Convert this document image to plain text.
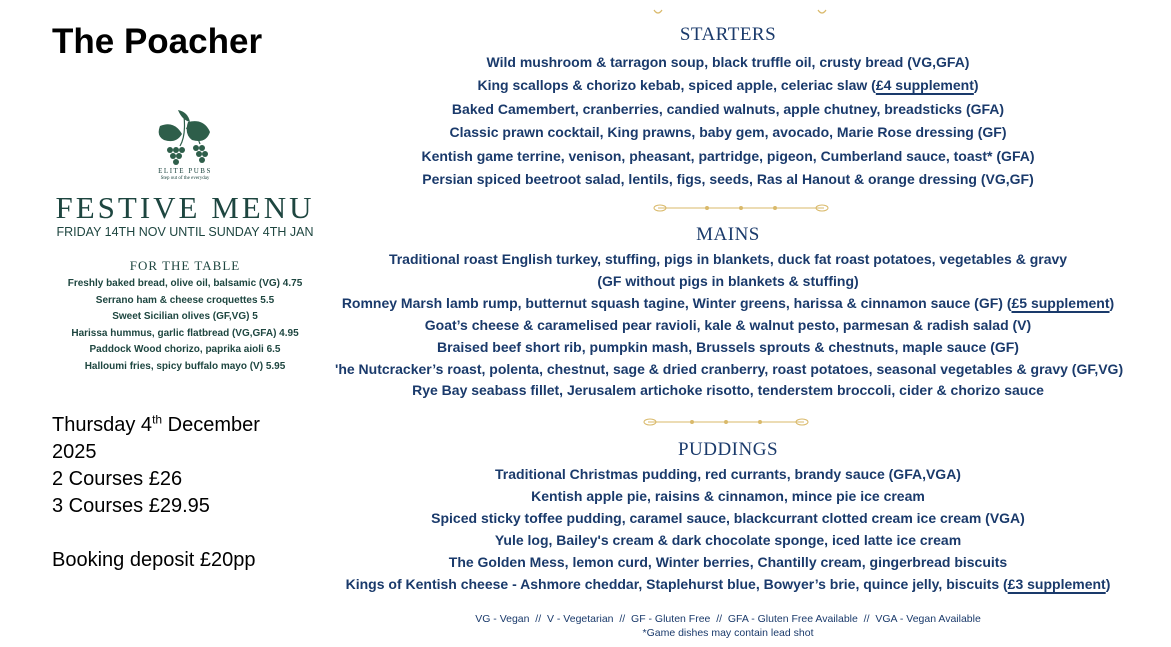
The Poacher
ELITE PUBS
Step out of the everyday
FESTIVE MENU
FRIDAY 14TH NOV UNTIL SUNDAY 4TH JAN
FOR THE TABLE
Freshly baked bread, olive oil, balsamic (VG) 4.75
Serrano ham & cheese croquettes 5.5
Sweet Sicilian olives (GF,VG) 5
Harissa hummus, garlic flatbread (VG,GFA) 4.95
Paddock Wood chorizo, paprika aioli 6.5
Halloumi fries, spicy buffalo mayo (V) 5.95
Thursday 4th December
2025
2 Courses £26
3 Courses £29.95
Booking deposit £20pp
STARTERS
Wild mushroom & tarragon soup, black truffle oil, crusty bread (VG,GFA)
King scallops & chorizo kebab, spiced apple, celeriac slaw (£4 supplement)
Baked Camembert, cranberries, candied walnuts, apple chutney, breadsticks (GFA)
Classic prawn cocktail, King prawns, baby gem, avocado, Marie Rose dressing (GF)
Kentish game terrine, venison, pheasant, partridge, pigeon, Cumberland sauce, toast* (GFA)
Persian spiced beetroot salad, lentils, figs, seeds, Ras al Hanout & orange dressing (VG,GF)
MAINS
Traditional roast English turkey, stuffing, pigs in blankets, duck fat roast potatoes, vegetables & gravy
(GF without pigs in blankets & stuffing)
Romney Marsh lamb rump, butternut squash tagine, Winter greens, harissa & cinnamon sauce (GF) (£5 supplement)
Goat’s cheese & caramelised pear ravioli, kale & walnut pesto, parmesan & radish salad (V)
Braised beef short rib, pumpkin mash, Brussels sprouts & chestnuts, maple sauce (GF)
'he Nutcracker’s roast, polenta, chestnut, sage & dried cranberry, roast potatoes, seasonal vegetables & gravy (GF,VG)
Rye Bay seabass fillet, Jerusalem artichoke risotto, tenderstem broccoli, cider & chorizo sauce
PUDDINGS
Traditional Christmas pudding, red currants, brandy sauce (GFA,VGA)
Kentish apple pie, raisins & cinnamon, mince pie ice cream
Spiced sticky toffee pudding, caramel sauce, blackcurrant clotted cream ice cream (VGA)
Yule log, Bailey's cream & dark chocolate sponge, iced latte ice cream
The Golden Mess, lemon curd, Winter berries, Chantilly cream, gingerbread biscuits
Kings of Kentish cheese - Ashmore cheddar, Staplehurst blue, Bowyer’s brie, quince jelly, biscuits (£3 supplement)
VG - Vegan  //  V - Vegetarian  //  GF - Gluten Free  //  GFA - Gluten Free Available  //  VGA - Vegan Available
*Game dishes may contain lead shot
